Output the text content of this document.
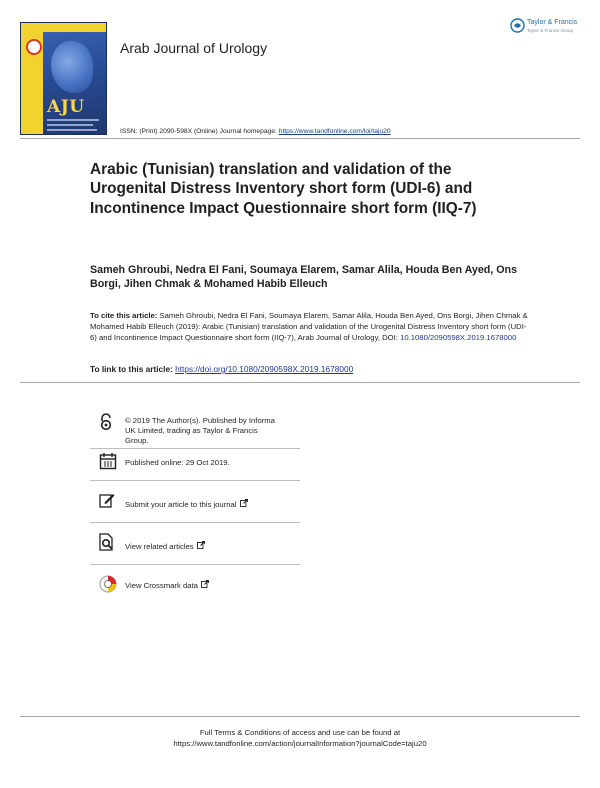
AJU
Arab Journal of Urology
Taylor & Francis
Taylor & Francis Group
ISSN: (Print) 2090-598X (Online) Journal homepage: https://www.tandfonline.com/loi/taju20
Arabic (Tunisian) translation and validation of the Urogenital Distress Inventory short form (UDI-6) and Incontinence Impact Questionnaire short form (IIQ-7)
Sameh Ghroubi, Nedra El Fani, Soumaya Elarem, Samar Alila, Houda Ben Ayed, Ons Borgi, Jihen Chmak & Mohamed Habib Elleuch
To cite this article: Sameh Ghroubi, Nedra El Fani, Soumaya Elarem, Samar Alila, Houda Ben Ayed, Ons Borgi, Jihen Chmak & Mohamed Habib Elleuch (2019): Arabic (Tunisian) translation and validation of the Urogenital Distress Inventory short form (UDI-6) and Incontinence Impact Questionnaire short form (IIQ-7), Arab Journal of Urology, DOI: 10.1080/2090598X.2019.1678000
To link to this article: https://doi.org/10.1080/2090598X.2019.1678000
© 2019 The Author(s). Published by Informa
UK Limited, trading as Taylor & Francis
Group.
Published online: 29 Oct 2019.
Submit your article to this journal
View related articles
View Crossmark data
Full Terms & Conditions of access and use can be found at
https://www.tandfonline.com/action/journalInformation?journalCode=taju20
